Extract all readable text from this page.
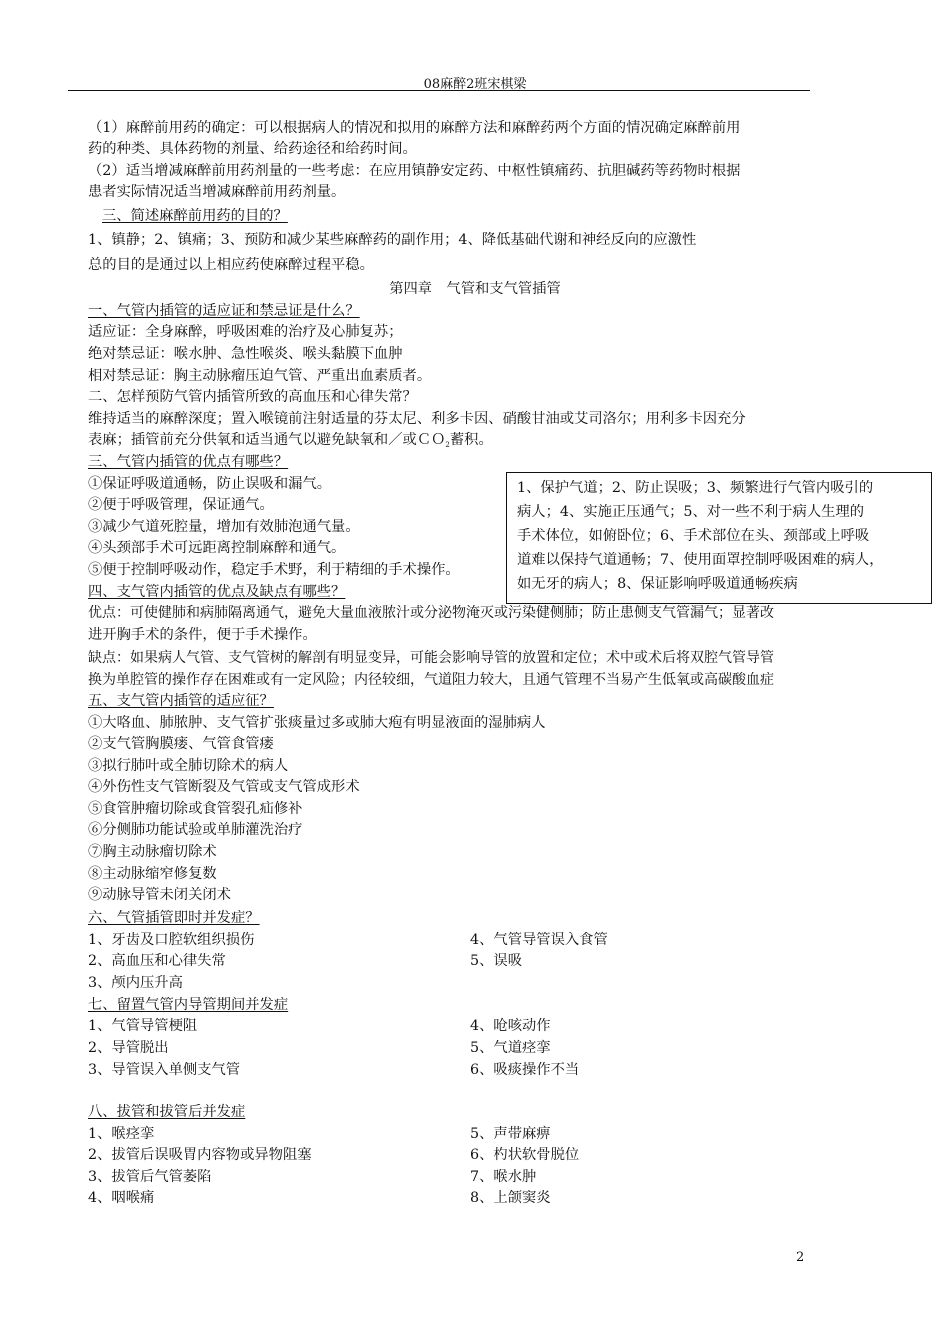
08麻醉2班宋棋梁
（1）麻醉前用药的确定：可以根据病人的情况和拟用的麻醉方法和麻醉药两个方面的情况确定麻醉前用
药的种类、具体药物的剂量、给药途径和给药时间。
（2）适当增减麻醉前用药剂量的一些考虑：在应用镇静安定药、中枢性镇痛药、抗胆碱药等药物时根据
患者实际情况适当增减麻醉前用药剂量。
三、简述麻醉前用药的目的？
1、镇静；2、镇痛；3、预防和减少某些麻醉药的副作用；4、降低基础代谢和神经反向的应激性
总的目的是通过以上相应药使麻醉过程平稳。
第四章　气管和支气管插管
一、气管内插管的适应证和禁忌证是什么？
适应证：全身麻醉，呼吸困难的治疗及心肺复苏；
绝对禁忌证：喉水肿、急性喉炎、喉头黏膜下血肿
相对禁忌证：胸主动脉瘤压迫气管、严重出血素质者。
二、怎样预防气管内插管所致的高血压和心律失常？
维持适当的麻醉深度；置入喉镜前注射适量的芬太尼、利多卡因、硝酸甘油或艾司洛尔；用利多卡因充分
表麻；插管前充分供氧和适当通气以避免缺氧和／或ＣＯ$_2$蓄积。
三、气管内插管的优点有哪些？
①保证呼吸道通畅，防止误吸和漏气。
②便于呼吸管理，保证通气。
③减少气道死腔量，增加有效肺泡通气量。
④头颈部手术可远距离控制麻醉和通气。
⑤便于控制呼吸动作，稳定手术野，利于精细的手术操作。
1、保护气道；2、防止误吸；3、频繁进行气管内吸引的
病人；4、实施正压通气；5、对一些不利于病人生理的
手术体位，如俯卧位；6、手术部位在头、颈部或上呼吸
道难以保持气道通畅；7、使用面罩控制呼吸困难的病人，
如无牙的病人；8、保证影响呼吸道通畅疾病
四、支气管内插管的优点及缺点有哪些？
优点：可使健肺和病肺隔离通气，避免大量血液脓汁或分泌物淹灭或污染健侧肺；防止患侧支气管漏气；显著改
进开胸手术的条件，便于手术操作。
缺点：如果病人气管、支气管树的解剖有明显变异，可能会影响导管的放置和定位；术中或术后将双腔气管导管
换为单腔管的操作存在困难或有一定风险；内径较细，气道阻力较大，且通气管理不当易产生低氧或高碳酸血症
五、支气管内插管的适应征？
①大咯血、肺脓肿、支气管扩张痰量过多或肺大疱有明显液面的湿肺病人
②支气管胸膜瘘、气管食管瘘
③拟行肺叶或全肺切除术的病人
④外伤性支气管断裂及气管或支气管成形术
⑤食管肿瘤切除或食管裂孔疝修补
⑥分侧肺功能试验或单肺灌洗治疗
⑦胸主动脉瘤切除术
⑧主动脉缩窄修复数
⑨动脉导管未闭关闭术
六、气管插管即时并发症？
1、牙齿及口腔软组织损伤
2、高血压和心律失常
3、颅内压升高
4、气管导管误入食管
5、误吸
七、留置气管内导管期间并发症
1、气管导管梗阻
2、导管脱出
3、导管误入单侧支气管
4、呛咳动作
5、气道痉挛
6、吸痰操作不当
八、拔管和拔管后并发症
1、喉痉挛
2、拔管后误吸胃内容物或异物阻塞
3、拔管后气管萎陷
4、咽喉痛
5、声带麻痹
6、杓状软骨脱位
7、喉水肿
8、上颌窦炎
2
